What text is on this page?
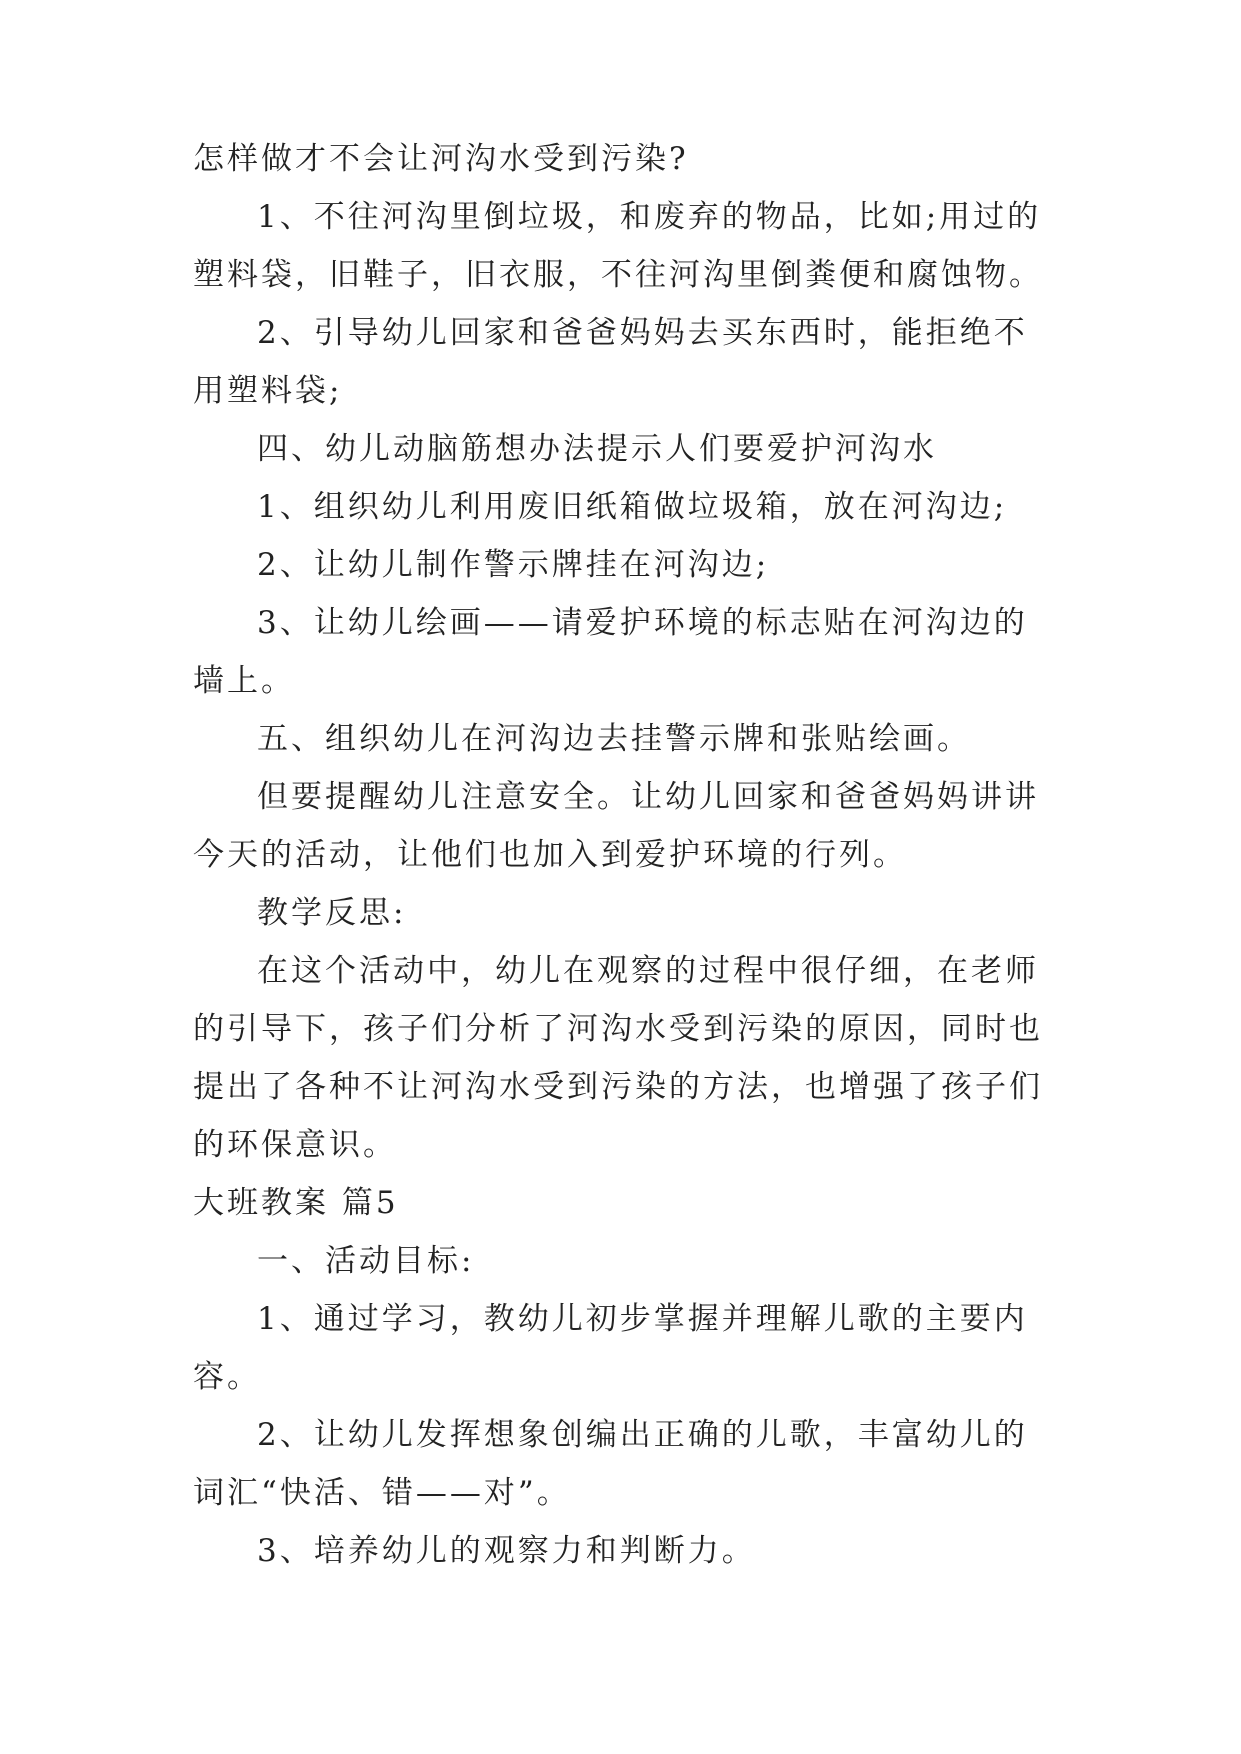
怎样做才不会让河沟水受到污染?

1、不往河沟里倒垃圾，和废弃的物品，比如;用过的塑料袋，旧鞋子，旧衣服，不往河沟里倒粪便和腐蚀物。

2、引导幼儿回家和爸爸妈妈去买东西时，能拒绝不用塑料袋;

四、幼儿动脑筋想办法提示人们要爱护河沟水

1、组织幼儿利用废旧纸箱做垃圾箱，放在河沟边;

2、让幼儿制作警示牌挂在河沟边;

3、让幼儿绘画——请爱护环境的标志贴在河沟边的墙上。

五、组织幼儿在河沟边去挂警示牌和张贴绘画。

但要提醒幼儿注意安全。让幼儿回家和爸爸妈妈讲讲今天的活动，让他们也加入到爱护环境的行列。

教学反思:

在这个活动中，幼儿在观察的过程中很仔细，在老师的引导下，孩子们分析了河沟水受到污染的原因，同时也提出了各种不让河沟水受到污染的方法，也增强了孩子们的环保意识。

大班教案 篇5

一、活动目标:

1、通过学习，教幼儿初步掌握并理解儿歌的主要内容。

2、让幼儿发挥想象创编出正确的儿歌，丰富幼儿的词汇“快活、错——对”。

3、培养幼儿的观察力和判断力。
